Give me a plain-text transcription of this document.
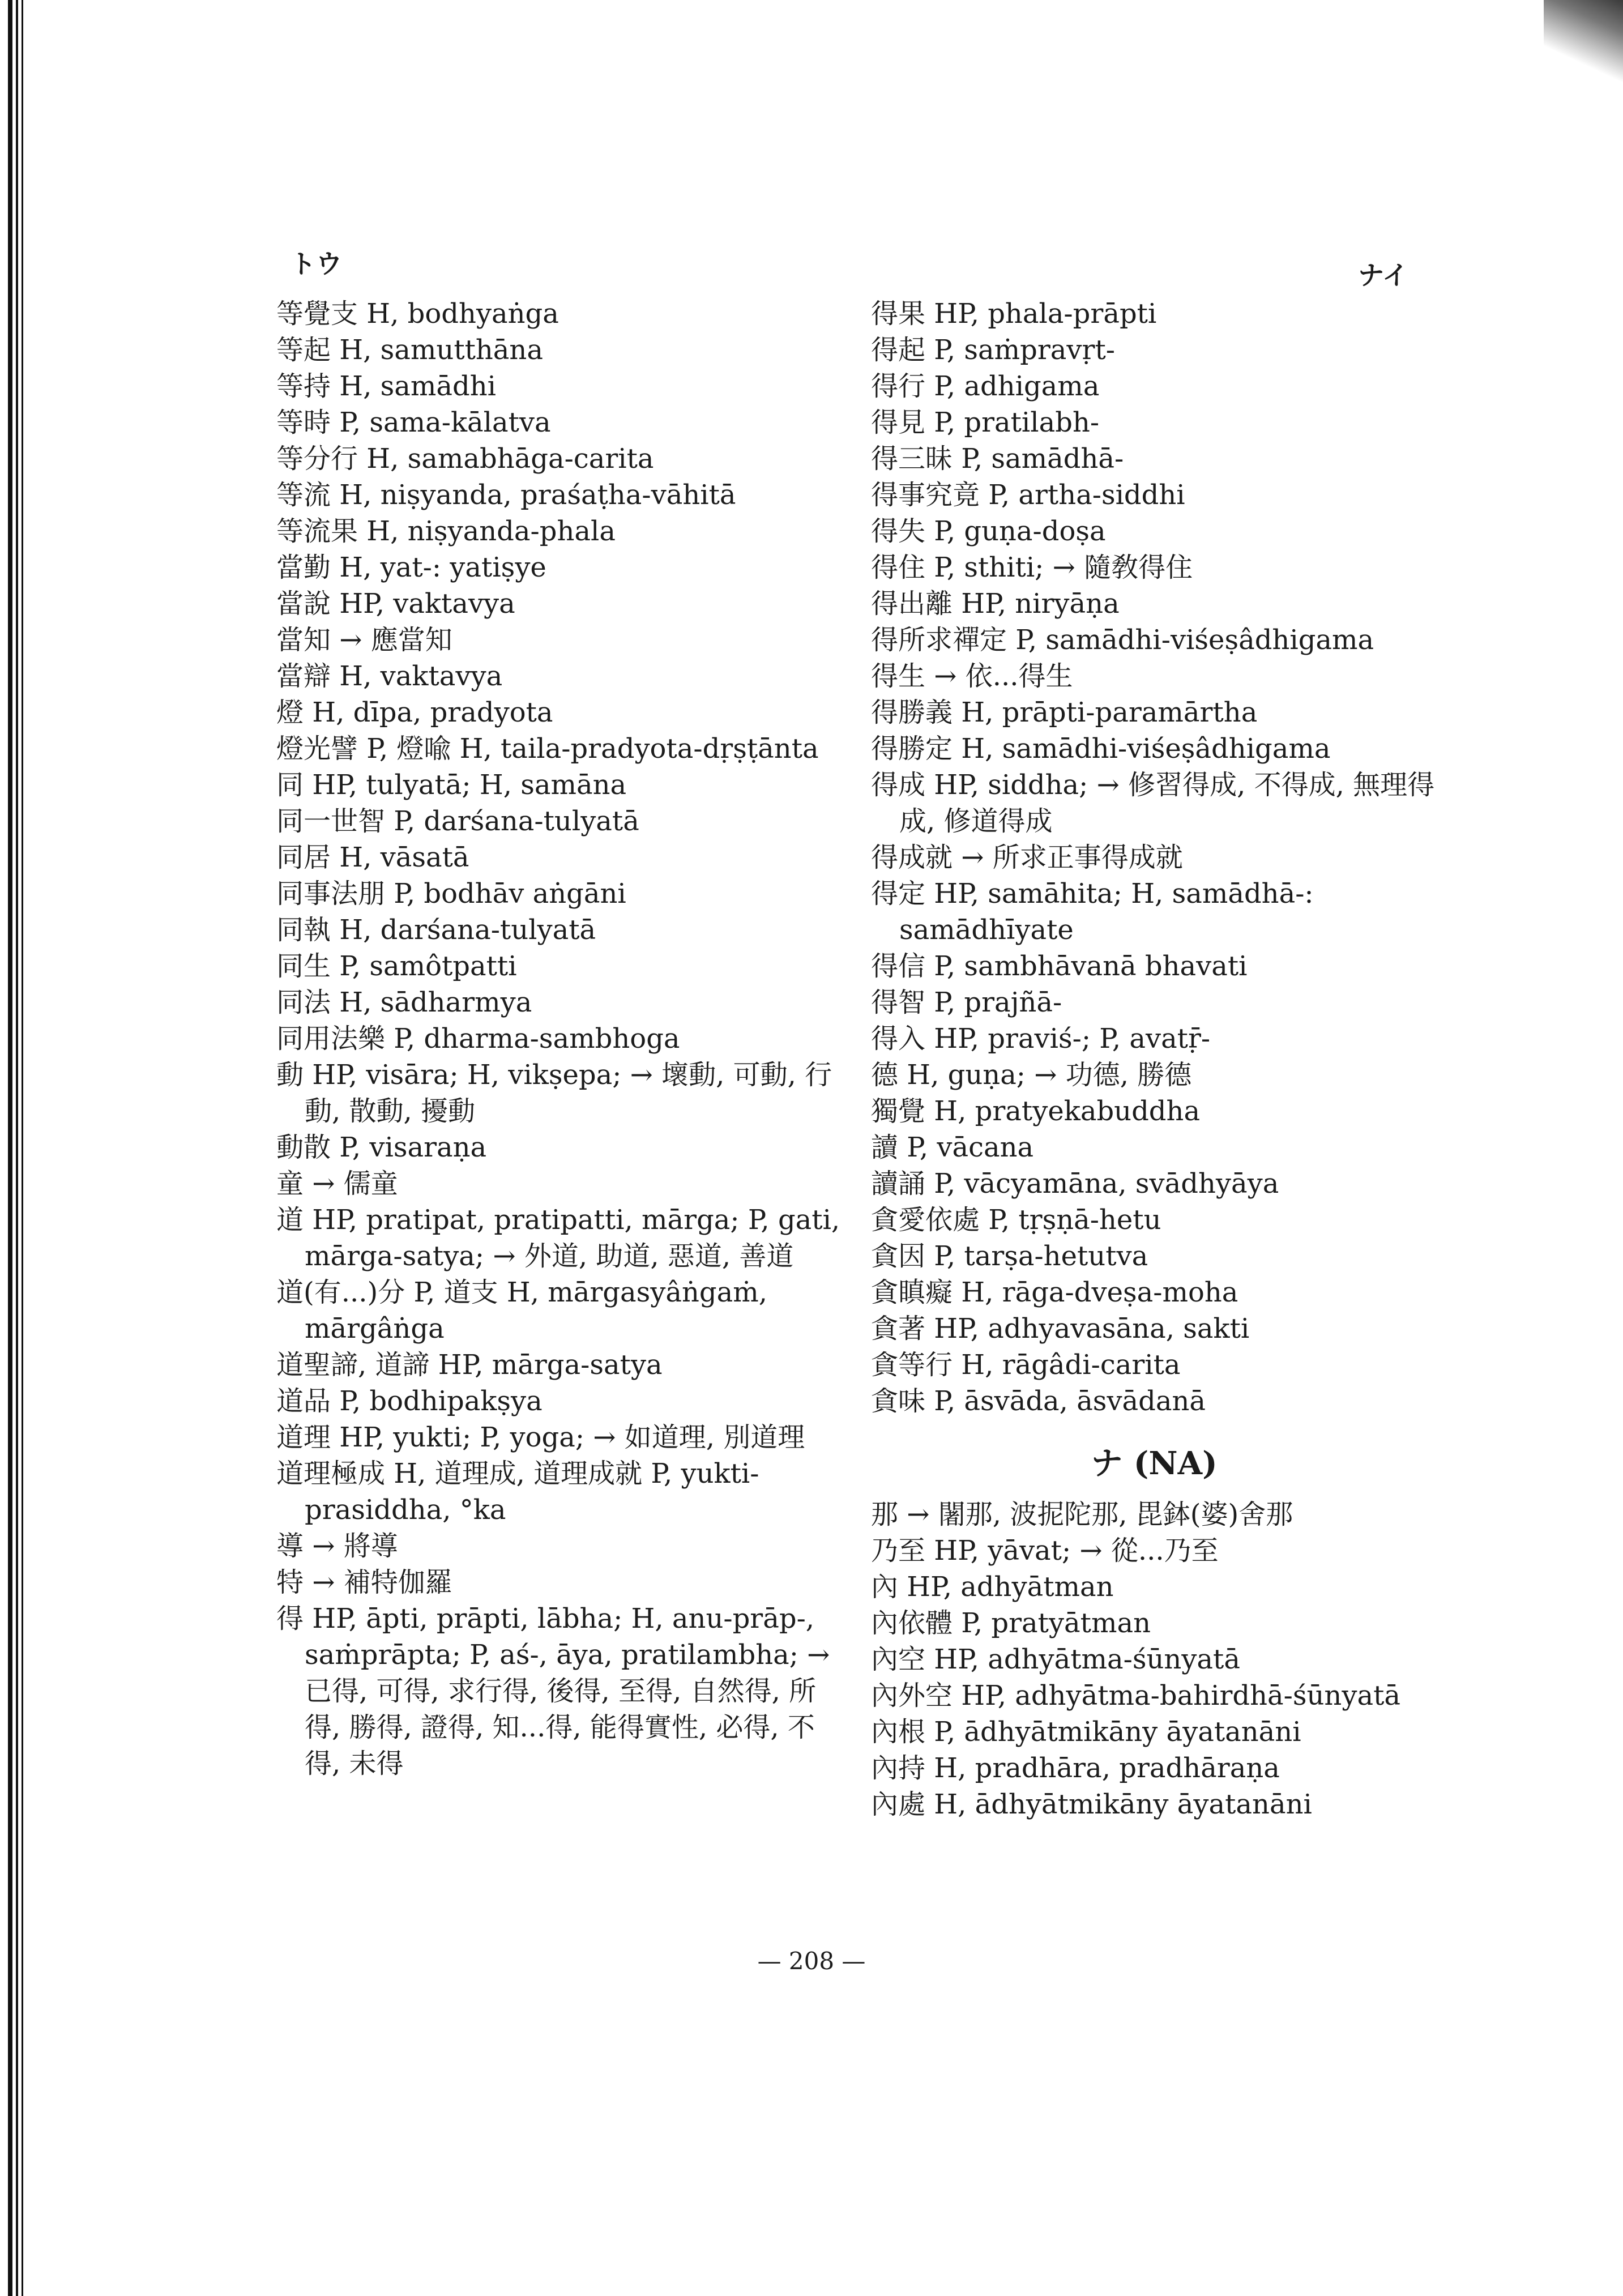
トウ	ナイ
等覺支 H, bodhyaṅga
等起 H, samutthāna
等持 H, samādhi
等時 P, sama-kālatva
等分行 H, samabhāga-carita
等流 H, niṣyanda, praśaṭha-vāhitā
等流果 H, niṣyanda-phala
當勤 H, yat-: yatiṣye
當說 HP, vaktavya
當知 → 應當知
當辯 H, vaktavya
燈 H, dīpa, pradyota
燈光譬 P, 燈喩 H, taila-pradyota-dṛṣṭānta
同 HP, tulyatā; H, samāna
同一世智 P, darśana-tulyatā
同居 H, vāsatā
同事法朋 P, bodhāv aṅgāni
同執 H, darśana-tulyatā
同生 P, samôtpatti
同法 H, sādharmya
同用法樂 P, dharma-sambhoga
動 HP, visāra; H, vikṣepa; → 壞動, 可動, 行動, 散動, 擾動
動散 P, visaraṇa
童 → 儒童
道 HP, pratipat, pratipatti, mārga; P, gati, mārga-satya; → 外道, 助道, 惡道, 善道
道(有...)分 P, 道支 H, mārgasyâṅgaṁ, mārgâṅga
道聖諦, 道諦 HP, mārga-satya
道品 P, bodhipakṣya
道理 HP, yukti; P, yoga; → 如道理, 別道理
道理極成 H, 道理成, 道理成就 P, yukti-prasiddha, °ka
導 → 將導
特 → 補特伽羅
得 HP, āpti, prāpti, lābha; H, anu-prāp-, saṁprāpta; P, aś-, āya, pratilambha; → 已得, 可得, 求行得, 後得, 至得, 自然得, 所得, 勝得, 證得, 知...得, 能得實性, 必得, 不得, 未得
得果 HP, phala-prāpti
得起 P, saṁpravṛt-
得行 P, adhigama
得見 P, pratilabh-
得三昧 P, samādhā-
得事究竟 P, artha-siddhi
得失 P, guṇa-doṣa
得住 P, sthiti; → 隨敎得住
得出離 HP, niryāṇa
得所求禪定 P, samādhi-viśeṣâdhigama
得生 → 依...得生
得勝義 H, prāpti-paramārtha
得勝定 H, samādhi-viśeṣâdhigama
得成 HP, siddha; → 修習得成, 不得成, 無理得成, 修道得成
得成就 → 所求正事得成就
得定 HP, samāhita; H, samādhā-: samādhīyate
得信 P, sambhāvanā bhavati
得智 P, prajñā-
得入 HP, praviś-; P, avatṝ-
德 H, guṇa; → 功德, 勝德
獨覺 H, pratyekabuddha
讀 P, vācana
讀誦 P, vācyamāna, svādhyāya
貪愛依處 P, tṛṣṇā-hetu
貪因 P, tarṣa-hetutva
貪瞋癡 H, rāga-dveṣa-moha
貪著 HP, adhyavasāna, sakti
貪等行 H, rāgâdi-carita
貪味 P, āsvāda, āsvādanā
ナ (NA)
那 → 闍那, 波抳陀那, 毘鉢(婆)舍那
乃至 HP, yāvat; → 從...乃至
內 HP, adhyātman
內依體 P, pratyātman
內空 HP, adhyātma-śūnyatā
內外空 HP, adhyātma-bahirdhā-śūnyatā
內根 P, ādhyātmikāny āyatanāni
內持 H, pradhāra, pradhāraṇa
內處 H, ādhyātmikāny āyatanāni
— 208 —
